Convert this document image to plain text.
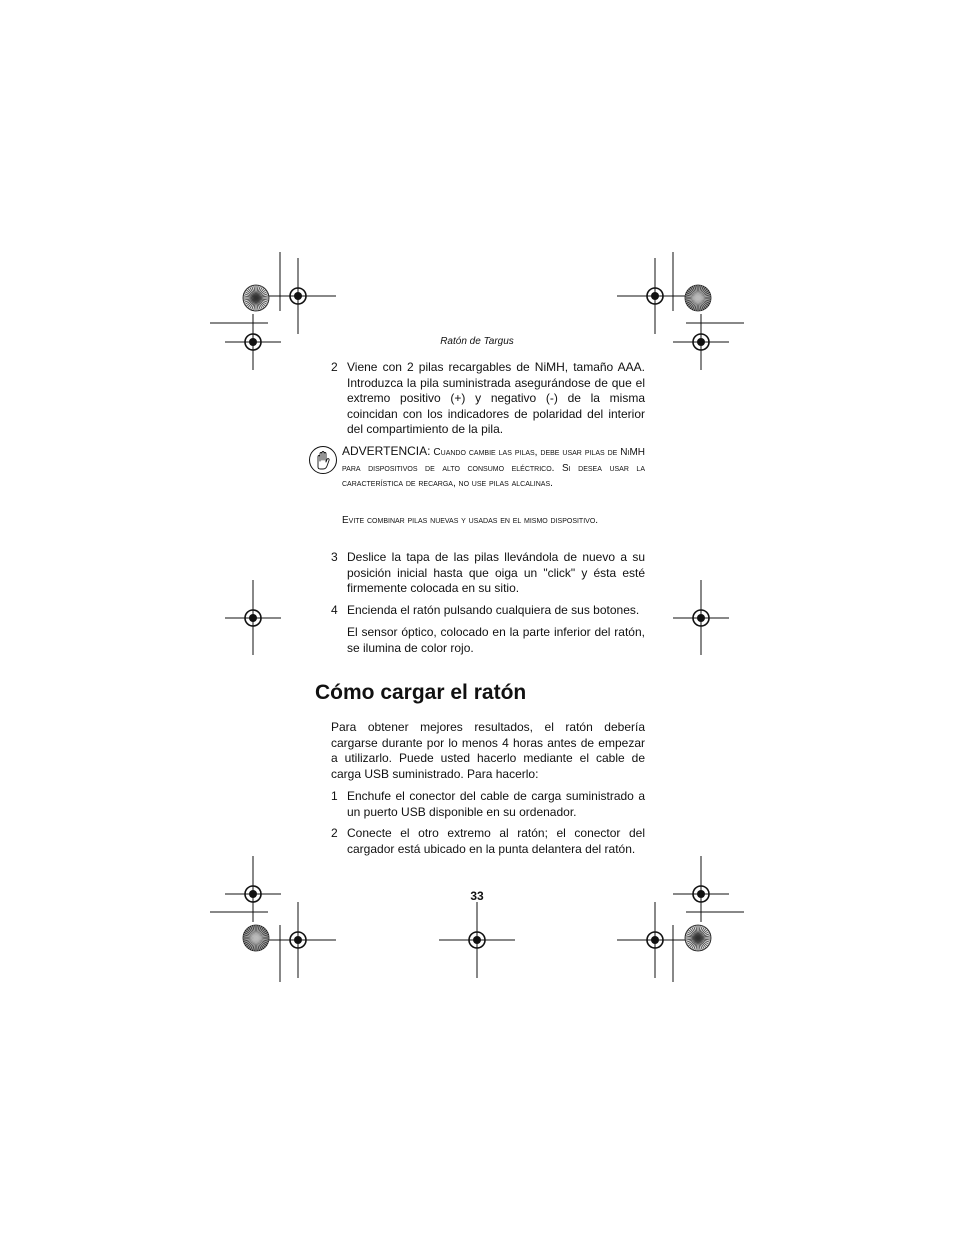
Ratón de Targus
2 Viene con 2 pilas recargables de NiMH, tamaño AAA. Introduzca la pila suministrada asegurándose de que el extremo positivo (+) y negativo (-) de la misma coincidan con los indicadores de polaridad del interior del compartimiento de la pila.
ADVERTENCIA: Cuando cambie las pilas, debe usar pilas de NiMH para dispositivos de alto consumo eléctrico. Si desea usar la característica de recarga, no use pilas alcalinas.
Evite combinar pilas nuevas y usadas en el mismo dispositivo.
3 Deslice la tapa de las pilas llevándola de nuevo a su posición inicial hasta que oiga un "click" y ésta esté firmemente colocada en su sitio.
4 Encienda el ratón pulsando cualquiera de sus botones.
El sensor óptico, colocado en la parte inferior del ratón, se ilumina de color rojo.
Cómo cargar el ratón
Para obtener mejores resultados, el ratón debería cargarse durante por lo menos 4 horas antes de empezar a utilizarlo. Puede usted hacerlo mediante el cable de carga USB suministrado. Para hacerlo:
1 Enchufe el conector del cable de carga suministrado a un puerto USB disponible en su ordenador.
2 Conecte el otro extremo al ratón; el conector del cargador está ubicado en la punta delantera del ratón.
33
